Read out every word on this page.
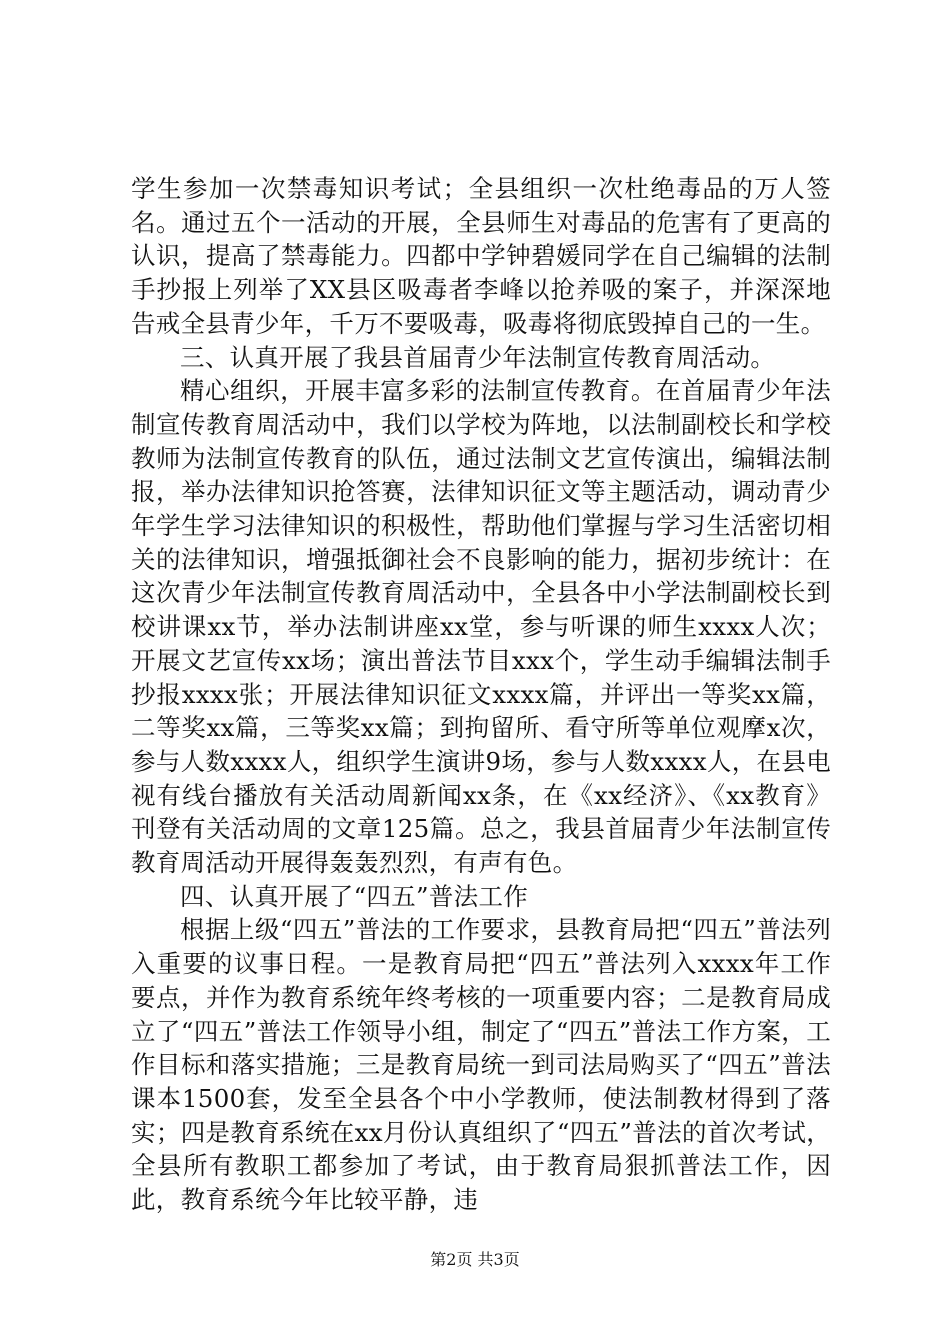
学生参加一次禁毒知识考试；全县组织一次杜绝毒品的万人签名。通过五个一活动的开展，全县师生对毒品的危害有了更高的认识，提高了禁毒能力。四都中学钟碧媛同学在自己编辑的法制手抄报上列举了XX县区吸毒者李峰以抢养吸的案子，并深深地告戒全县青少年，千万不要吸毒，吸毒将彻底毁掉自己的一生。

三、认真开展了我县首届青少年法制宣传教育周活动。

精心组织，开展丰富多彩的法制宣传教育。在首届青少年法制宣传教育周活动中，我们以学校为阵地，以法制副校长和学校教师为法制宣传教育的队伍，通过法制文艺宣传演出，编辑法制报，举办法律知识抢答赛，法律知识征文等主题活动，调动青少年学生学习法律知识的积极性，帮助他们掌握与学习生活密切相关的法律知识，增强抵御社会不良影响的能力，据初步统计：在这次青少年法制宣传教育周活动中，全县各中小学法制副校长到校讲课xx节，举办法制讲座xx堂，参与听课的师生xxxx人次；开展文艺宣传xx场；演出普法节目xxx个，学生动手编辑法制手抄报xxxx张；开展法律知识征文xxxx篇，并评出一等奖xx篇，二等奖xx篇，三等奖xx篇；到拘留所、看守所等单位观摩x次，参与人数xxxx人，组织学生演讲9场，参与人数xxxx人，在县电视有线台播放有关活动周新闻xx条，在《xx经济》、《xx教育》刊登有关活动周的文章125篇。总之，我县首届青少年法制宣传教育周活动开展得轰轰烈烈，有声有色。

四、认真开展了“四五”普法工作

根据上级“四五”普法的工作要求，县教育局把“四五”普法列入重要的议事日程。一是教育局把“四五”普法列入xxxx年工作要点，并作为教育系统年终考核的一项重要内容；二是教育局成立了“四五”普法工作领导小组，制定了“四五”普法工作方案，工作目标和落实措施；三是教育局统一到司法局购买了“四五”普法课本1500套，发至全县各个中小学教师，使法制教材得到了落实；四是教育系统在xx月份认真组织了“四五”普法的首次考试，全县所有教职工都参加了考试，由于教育局狠抓普法工作，因此，教育系统今年比较平静，违

第2页 共3页
